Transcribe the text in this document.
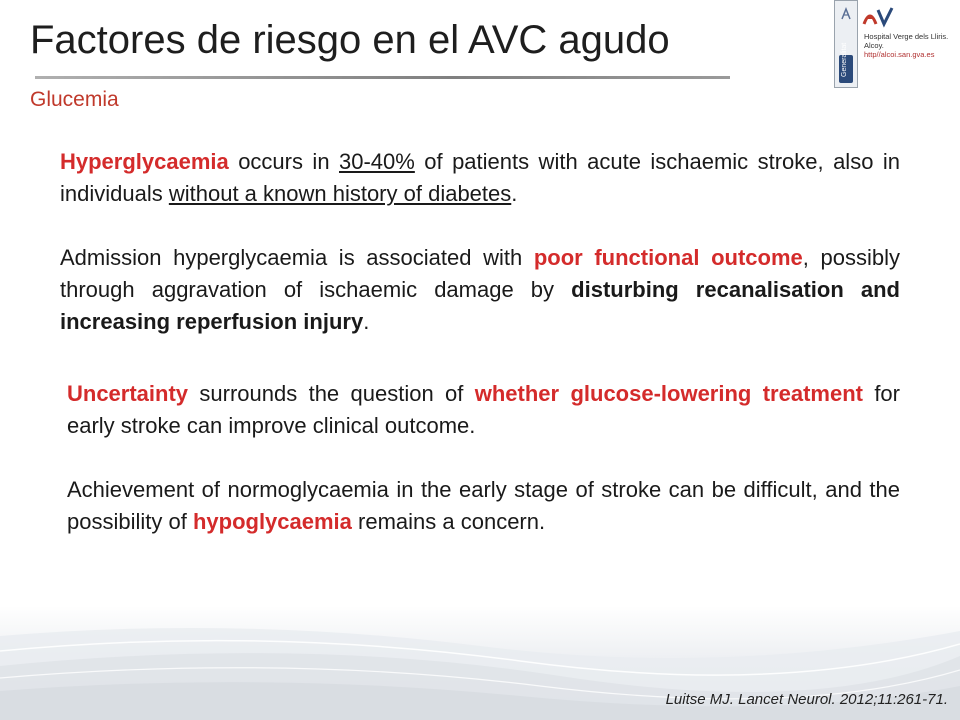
Factores de riesgo en el AVC agudo
Glucemia
Generalitat
Hospital Verge dels Lliris.
Alcoy.
http//alcoi.san.gva.es
Hyperglycaemia occurs in 30-40% of patients with acute ischaemic stroke, also in individuals without a known history of diabetes.
Admission hyperglycaemia is associated with poor functional outcome, possibly through aggravation of ischaemic damage by disturbing recanalisation and increasing reperfusion injury.
Uncertainty surrounds the question of whether glucose-lowering treatment for early stroke can improve clinical outcome.
Achievement of normoglycaemia in the early stage of stroke can be difficult, and the possibility of hypoglycaemia remains a concern.
Luitse MJ. Lancet Neurol. 2012;11:261-71.
